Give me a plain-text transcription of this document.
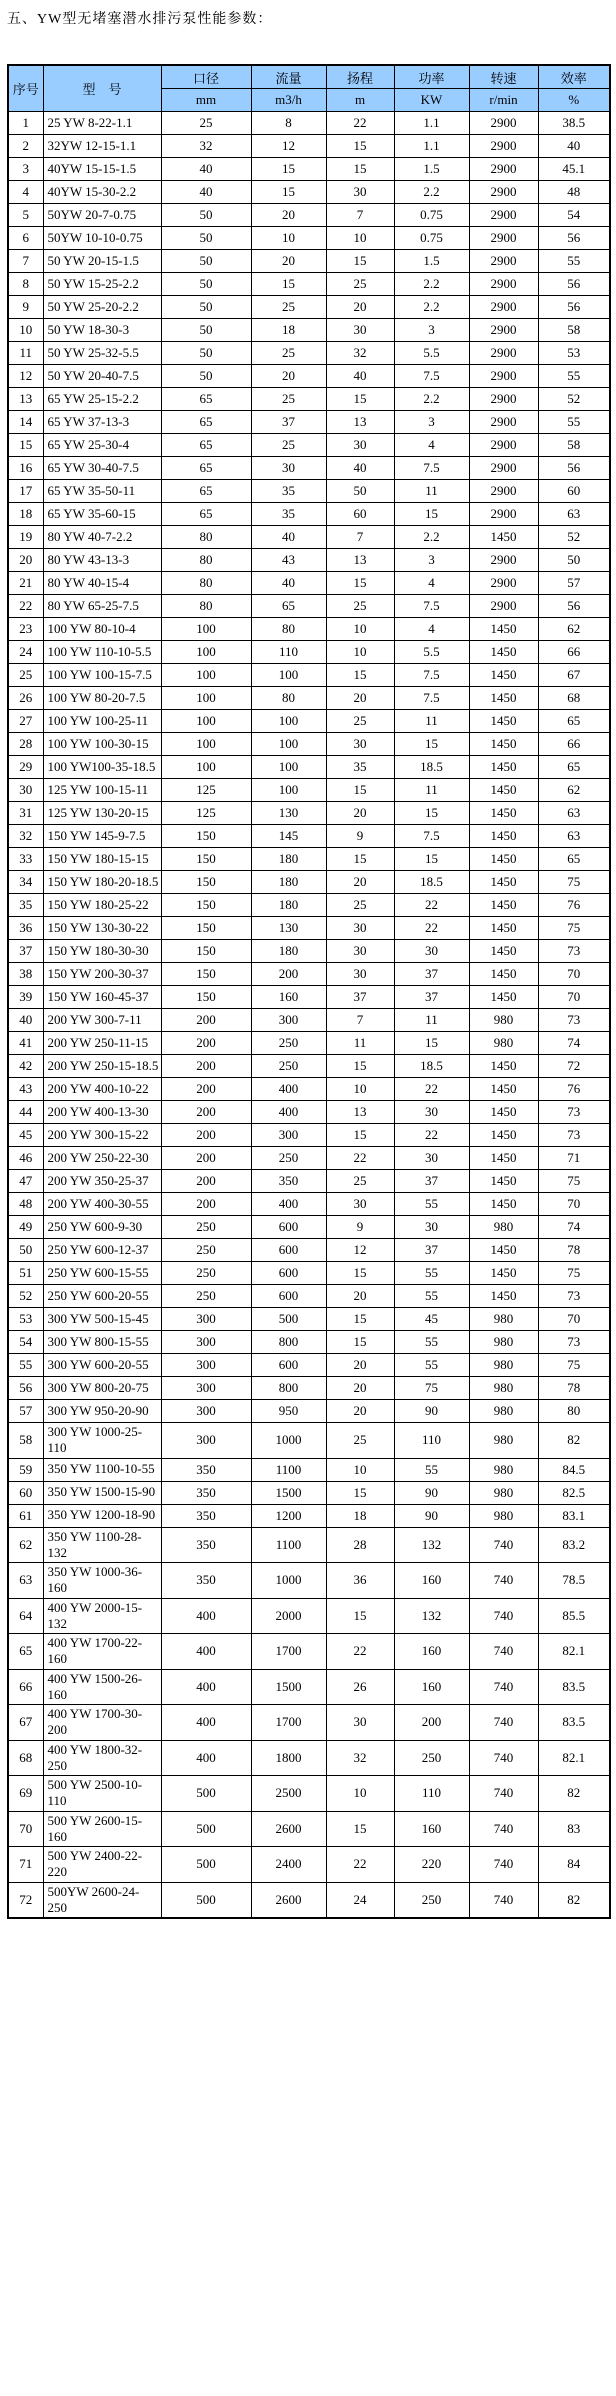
五、YW型无堵塞潜水排污泵性能参数：
序号	型　号	口径	流量	扬程	功率	转速	效率
		mm	m3/h	m	KW	r/min	%
1	25 YW 8-22-1.1	25	8	22	1.1	2900	38.5
2	32YW 12-15-1.1	32	12	15	1.1	2900	40
3	40YW 15-15-1.5	40	15	15	1.5	2900	45.1
4	40YW 15-30-2.2	40	15	30	2.2	2900	48
5	50YW 20-7-0.75	50	20	7	0.75	2900	54
6	50YW 10-10-0.75	50	10	10	0.75	2900	56
7	50 YW 20-15-1.5	50	20	15	1.5	2900	55
8	50 YW 15-25-2.2	50	15	25	2.2	2900	56
9	50 YW 25-20-2.2	50	25	20	2.2	2900	56
10	50 YW 18-30-3	50	18	30	3	2900	58
11	50 YW 25-32-5.5	50	25	32	5.5	2900	53
12	50 YW 20-40-7.5	50	20	40	7.5	2900	55
13	65 YW 25-15-2.2	65	25	15	2.2	2900	52
14	65 YW 37-13-3	65	37	13	3	2900	55
15	65 YW 25-30-4	65	25	30	4	2900	58
16	65 YW 30-40-7.5	65	30	40	7.5	2900	56
17	65 YW 35-50-11	65	35	50	11	2900	60
18	65 YW 35-60-15	65	35	60	15	2900	63
19	80 YW 40-7-2.2	80	40	7	2.2	1450	52
20	80 YW 43-13-3	80	43	13	3	2900	50
21	80 YW 40-15-4	80	40	15	4	2900	57
22	80 YW 65-25-7.5	80	65	25	7.5	2900	56
23	100 YW 80-10-4	100	80	10	4	1450	62
24	100 YW 110-10-5.5	100	110	10	5.5	1450	66
25	100 YW 100-15-7.5	100	100	15	7.5	1450	67
26	100 YW 80-20-7.5	100	80	20	7.5	1450	68
27	100 YW 100-25-11	100	100	25	11	1450	65
28	100 YW 100-30-15	100	100	30	15	1450	66
29	100 YW100-35-18.5	100	100	35	18.5	1450	65
30	125 YW 100-15-11	125	100	15	11	1450	62
31	125 YW 130-20-15	125	130	20	15	1450	63
32	150 YW 145-9-7.5	150	145	9	7.5	1450	63
33	150 YW 180-15-15	150	180	15	15	1450	65
34	150 YW 180-20-18.5	150	180	20	18.5	1450	75
35	150 YW 180-25-22	150	180	25	22	1450	76
36	150 YW 130-30-22	150	130	30	22	1450	75
37	150 YW 180-30-30	150	180	30	30	1450	73
38	150 YW 200-30-37	150	200	30	37	1450	70
39	150 YW 160-45-37	150	160	37	37	1450	70
40	200 YW 300-7-11	200	300	7	11	980	73
41	200 YW 250-11-15	200	250	11	15	980	74
42	200 YW 250-15-18.5	200	250	15	18.5	1450	72
43	200 YW 400-10-22	200	400	10	22	1450	76
44	200 YW 400-13-30	200	400	13	30	1450	73
45	200 YW 300-15-22	200	300	15	22	1450	73
46	200 YW 250-22-30	200	250	22	30	1450	71
47	200 YW 350-25-37	200	350	25	37	1450	75
48	200 YW 400-30-55	200	400	30	55	1450	70
49	250 YW 600-9-30	250	600	9	30	980	74
50	250 YW 600-12-37	250	600	12	37	1450	78
51	250 YW 600-15-55	250	600	15	55	1450	75
52	250 YW 600-20-55	250	600	20	55	1450	73
53	300 YW 500-15-45	300	500	15	45	980	70
54	300 YW 800-15-55	300	800	15	55	980	73
55	300 YW 600-20-55	300	600	20	55	980	75
56	300 YW 800-20-75	300	800	20	75	980	78
57	300 YW 950-20-90	300	950	20	90	980	80
58	300 YW 1000-25-110	300	1000	25	110	980	82
59	350 YW 1100-10-55	350	1100	10	55	980	84.5
60	350 YW 1500-15-90	350	1500	15	90	980	82.5
61	350 YW 1200-18-90	350	1200	18	90	980	83.1
62	350 YW 1100-28-132	350	1100	28	132	740	83.2
63	350 YW 1000-36-160	350	1000	36	160	740	78.5
64	400 YW 2000-15-132	400	2000	15	132	740	85.5
65	400 YW 1700-22-160	400	1700	22	160	740	82.1
66	400 YW 1500-26-160	400	1500	26	160	740	83.5
67	400 YW 1700-30-200	400	1700	30	200	740	83.5
68	400 YW 1800-32-250	400	1800	32	250	740	82.1
69	500 YW 2500-10-110	500	2500	10	110	740	82
70	500 YW 2600-15-160	500	2600	15	160	740	83
71	500 YW 2400-22-220	500	2400	22	220	740	84
72	500YW 2600-24-250	500	2600	24	250	740	82
